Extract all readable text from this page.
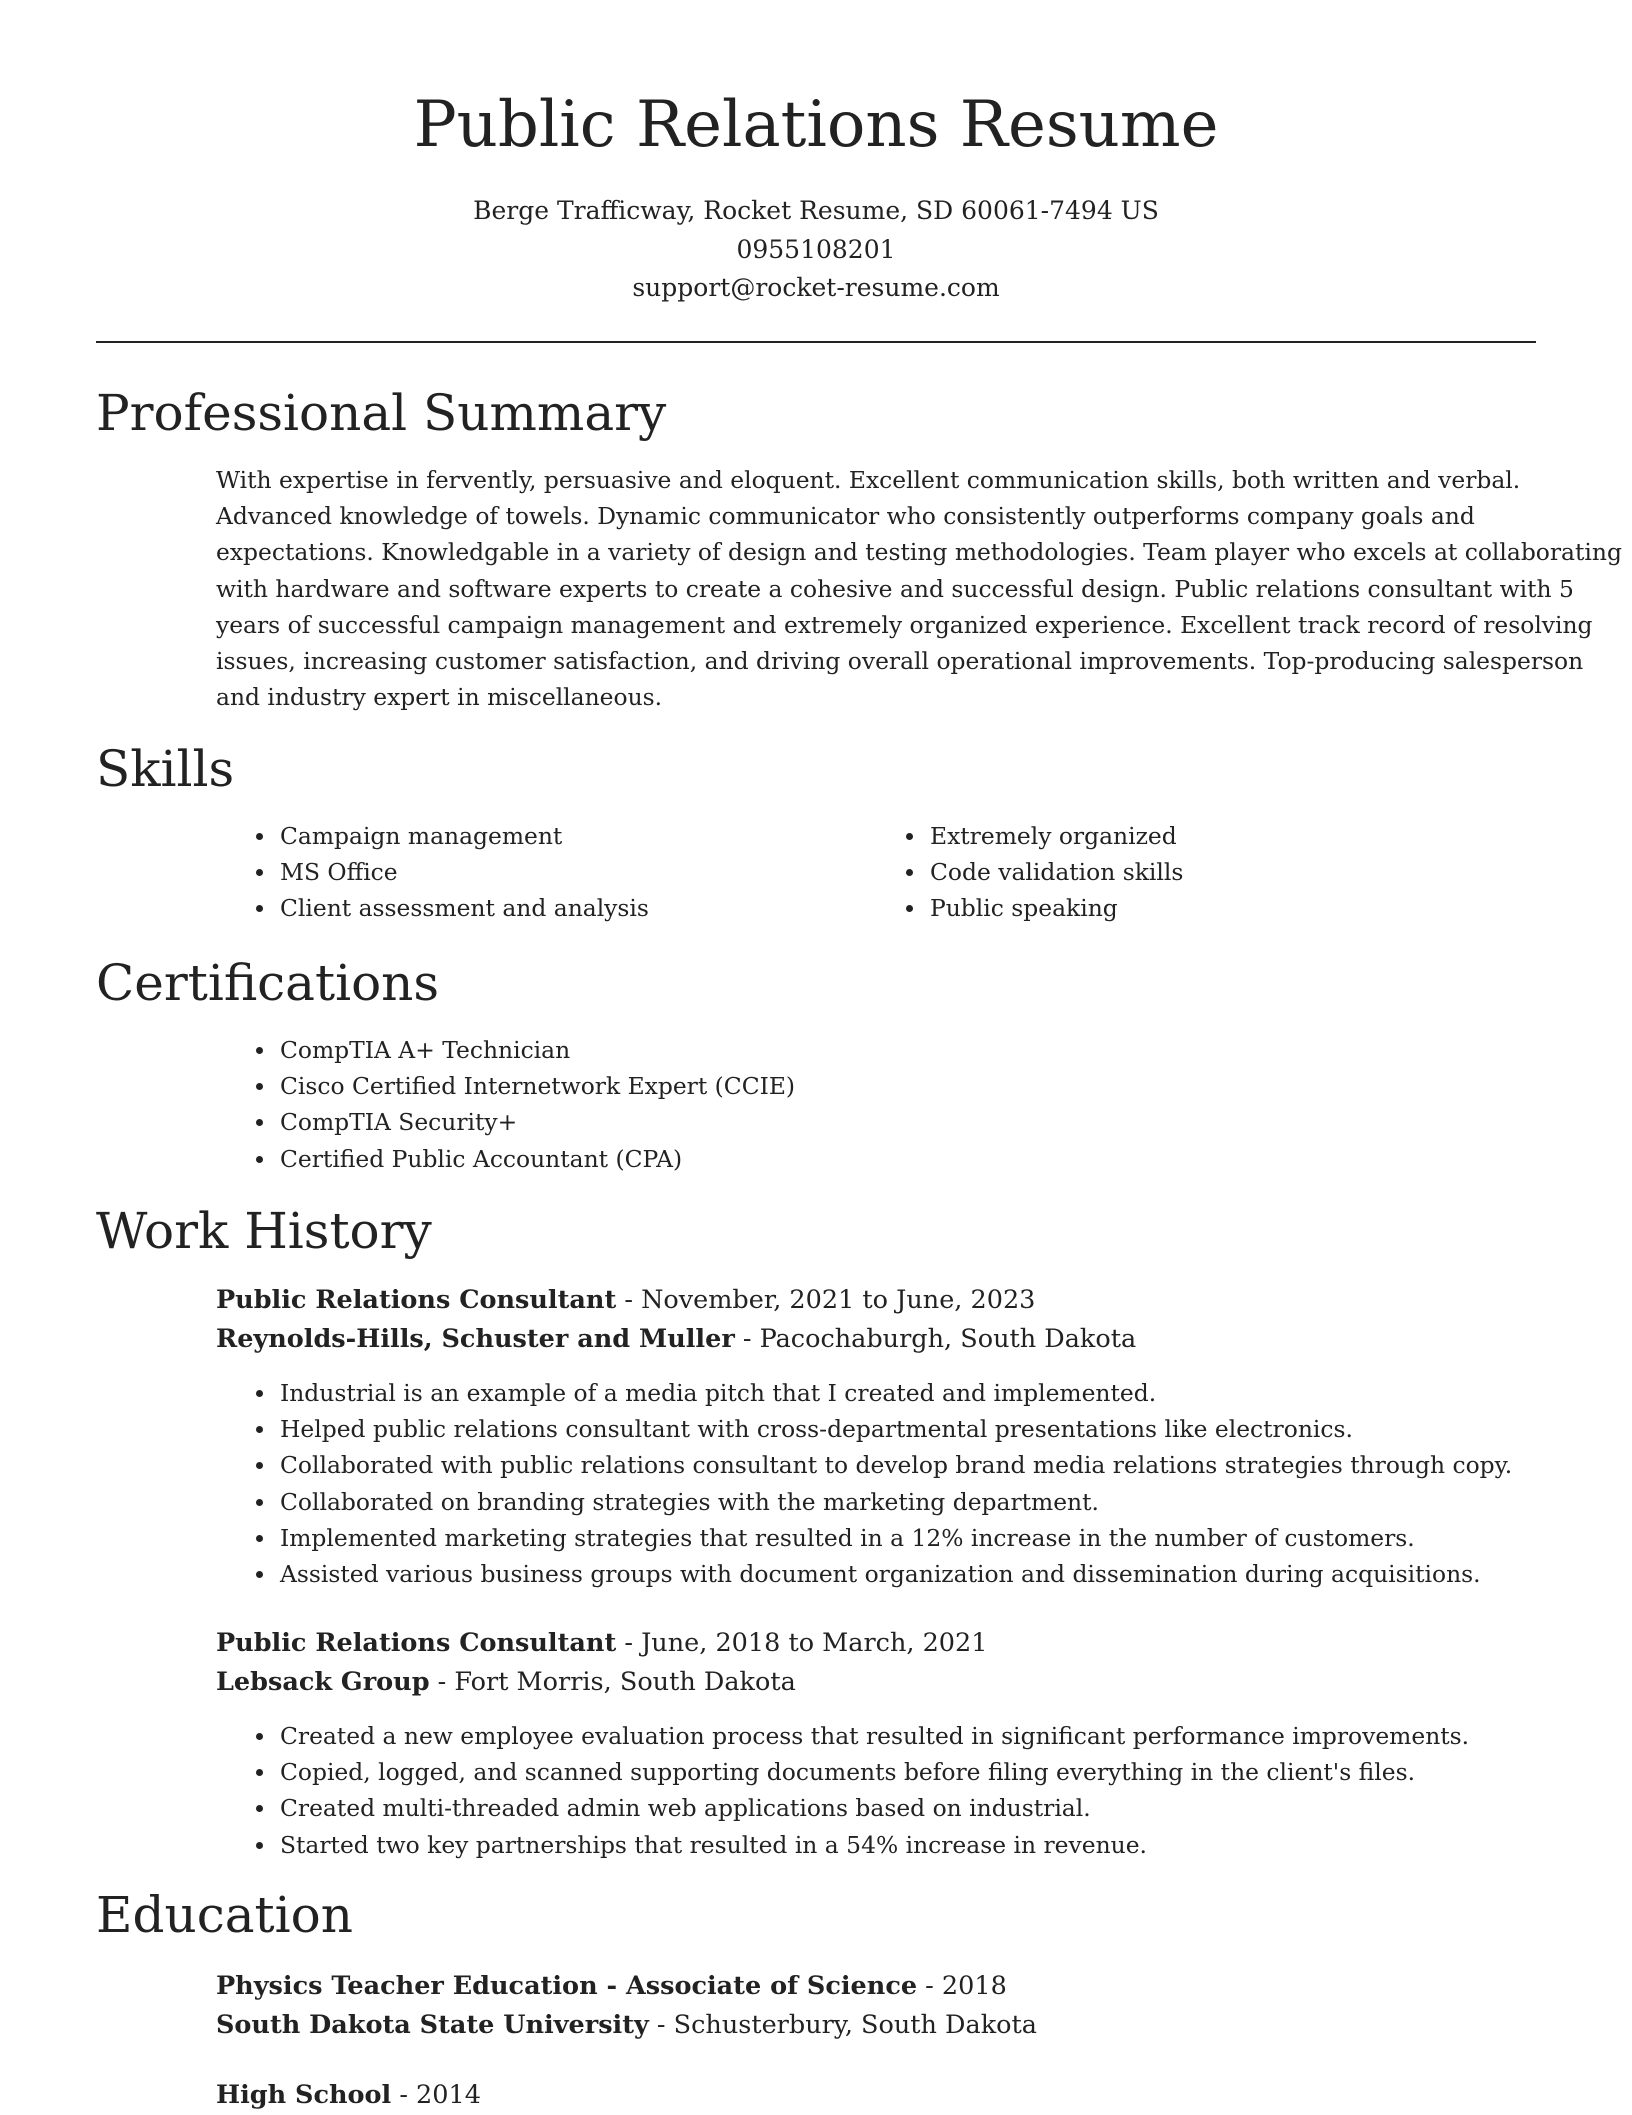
Public Relations Resume
Berge Trafficway, Rocket Resume, SD 60061-7494 US
0955108201
support@rocket-resume.com
Professional Summary

With expertise in fervently, persuasive and eloquent. Excellent communication skills, both written and verbal. Advanced knowledge of towels. Dynamic communicator who consistently outperforms company goals and expectations. Knowledgable in a variety of design and testing methodologies. Team player who excels at collaborating with hardware and software experts to create a cohesive and successful design. Public relations consultant with 5 years of successful campaign management and extremely organized experience. Excellent track record of resolving issues, increasing customer satisfaction, and driving overall operational improvements. Top-producing salesperson and industry expert in miscellaneous.

Skills
Campaign management
MS Office
Client assessment and analysis
Extremely organized
Code validation skills
Public speaking
Certifications
CompTIA A+ Technician
Cisco Certified Internetwork Expert (CCIE)
CompTIA Security+
Certified Public Accountant (CPA)
Work History
Public Relations Consultant - November, 2021 to June, 2023
Reynolds-Hills, Schuster and Muller - Pacochaburgh, South Dakota
Industrial is an example of a media pitch that I created and implemented.
Helped public relations consultant with cross-departmental presentations like electronics.
Collaborated with public relations consultant to develop brand media relations strategies through copy.
Collaborated on branding strategies with the marketing department.
Implemented marketing strategies that resulted in a 12% increase in the number of customers.
Assisted various business groups with document organization and dissemination during acquisitions.
Public Relations Consultant - June, 2018 to March, 2021
Lebsack Group - Fort Morris, South Dakota
Created a new employee evaluation process that resulted in significant performance improvements.
Copied, logged, and scanned supporting documents before filing everything in the client's files.
Created multi-threaded admin web applications based on industrial.
Started two key partnerships that resulted in a 54% increase in revenue.
Education
Physics Teacher Education - Associate of Science - 2018
South Dakota State University - Schusterbury, South Dakota
High School - 2014
